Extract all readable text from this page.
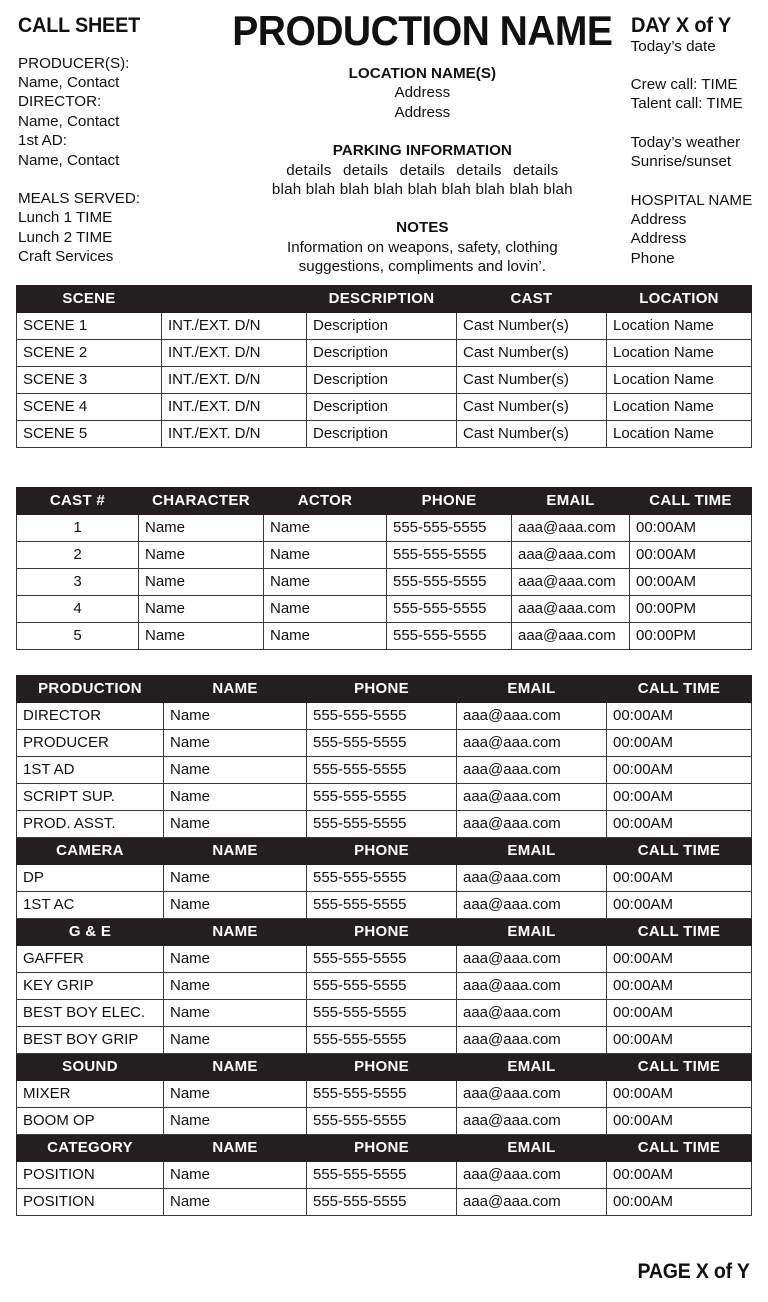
CALL SHEET
PRODUCER(S):
Name, Contact
DIRECTOR:
Name, Contact
1st AD:
Name, Contact
MEALS SERVED:
Lunch 1 TIME
Lunch 2 TIME
Craft Services
PRODUCTION NAME
LOCATION NAME(S)
Address
Address
PARKING INFORMATION
details details details details details
blah blah blah blah blah blah blah blah blah
NOTES
Information on weapons, safety, clothing
suggestions, compliments and lovin’.
DAY X of Y
Today’s date
Crew call: TIME
Talent call: TIME
Today’s weather
Sunrise/sunset
HOSPITAL NAME
Address
Address
Phone
SCENE		DESCRIPTION	CAST	LOCATION
SCENE 1	INT./EXT. D/N	Description	Cast Number(s)	Location Name
SCENE 2	INT./EXT. D/N	Description	Cast Number(s)	Location Name
SCENE 3	INT./EXT. D/N	Description	Cast Number(s)	Location Name
SCENE 4	INT./EXT. D/N	Description	Cast Number(s)	Location Name
SCENE 5	INT./EXT. D/N	Description	Cast Number(s)	Location Name
CAST #	CHARACTER	ACTOR	PHONE	EMAIL	CALL TIME
1	Name	Name	555-555-5555	aaa@aaa.com	00:00AM
2	Name	Name	555-555-5555	aaa@aaa.com	00:00AM
3	Name	Name	555-555-5555	aaa@aaa.com	00:00AM
4	Name	Name	555-555-5555	aaa@aaa.com	00:00PM
5	Name	Name	555-555-5555	aaa@aaa.com	00:00PM
PRODUCTION	NAME	PHONE	EMAIL	CALL TIME
DIRECTOR	Name	555-555-5555	aaa@aaa.com	00:00AM
PRODUCER	Name	555-555-5555	aaa@aaa.com	00:00AM
1ST AD	Name	555-555-5555	aaa@aaa.com	00:00AM
SCRIPT SUP.	Name	555-555-5555	aaa@aaa.com	00:00AM
PROD. ASST.	Name	555-555-5555	aaa@aaa.com	00:00AM
CAMERA	NAME	PHONE	EMAIL	CALL TIME
DP	Name	555-555-5555	aaa@aaa.com	00:00AM
1ST AC	Name	555-555-5555	aaa@aaa.com	00:00AM
G & E	NAME	PHONE	EMAIL	CALL TIME
GAFFER	Name	555-555-5555	aaa@aaa.com	00:00AM
KEY GRIP	Name	555-555-5555	aaa@aaa.com	00:00AM
BEST BOY ELEC.	Name	555-555-5555	aaa@aaa.com	00:00AM
BEST BOY GRIP	Name	555-555-5555	aaa@aaa.com	00:00AM
SOUND	NAME	PHONE	EMAIL	CALL TIME
MIXER	Name	555-555-5555	aaa@aaa.com	00:00AM
BOOM OP	Name	555-555-5555	aaa@aaa.com	00:00AM
CATEGORY	NAME	PHONE	EMAIL	CALL TIME
POSITION	Name	555-555-5555	aaa@aaa.com	00:00AM
POSITION	Name	555-555-5555	aaa@aaa.com	00:00AM
PAGE X of Y
